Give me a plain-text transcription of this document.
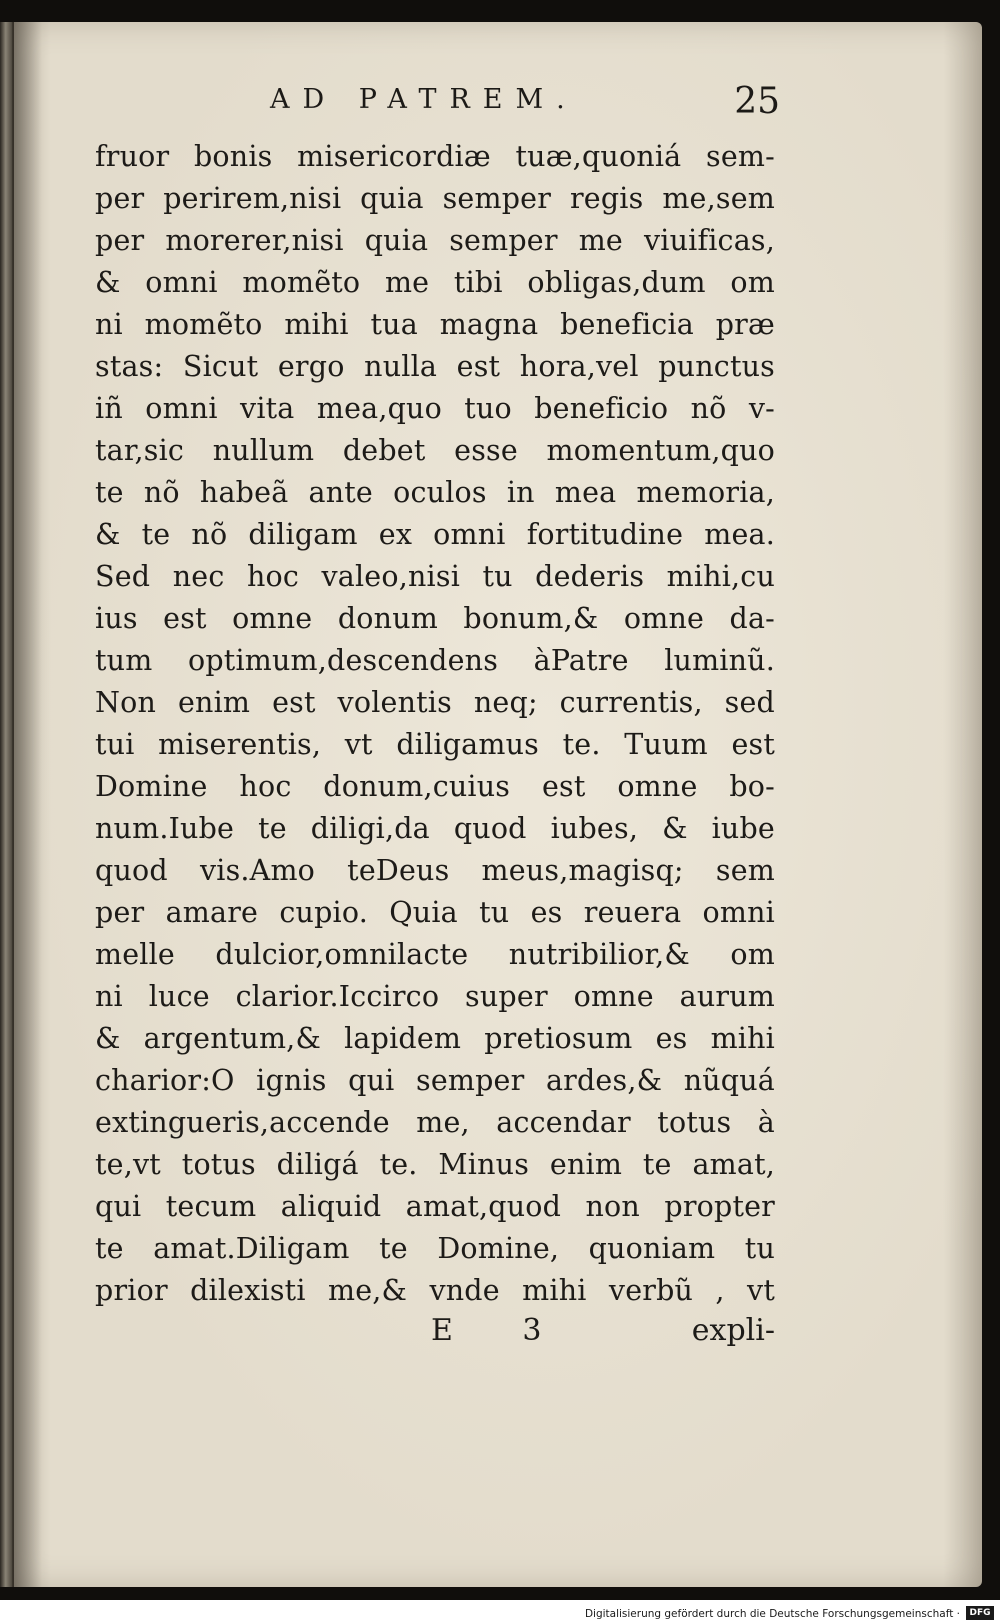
AD PATREM.	25
fruor bonis misericordiæ tuæ,quoniá sem-
per perirem,nisi quia semper regis me,sem
per morerer,nisi quia semper me viuificas,
& omni momẽto me tibi obligas,dum om
ni momẽto mihi tua magna beneficia præ
stas: Sicut ergo nulla est hora,vel punctus
iñ omni vita mea,quo tuo beneficio nõ v-
tar,sic nullum debet esse momentum,quo
te nõ habeã ante oculos in mea memoria,
& te nõ diligam ex omni fortitudine mea.
Sed nec hoc valeo,nisi tu dederis mihi,cu
ius est omne donum bonum,& omne da-
tum optimum,descendens àPatre luminũ.
Non enim est volentis neq; currentis, sed
tui miserentis, vt diligamus te. Tuum est
Domine hoc donum,cuius est omne bo-
num.Iube te diligi,da quod iubes, & iube
quod vis.Amo teDeus meus,magisq; sem
per amare cupio. Quia tu es reuera omni
melle dulcior,omnilacte nutribilior,& om
ni luce clarior.Iccirco super omne aurum
& argentum,& lapidem pretiosum es mihi
charior:O ignis qui semper ardes,& nũquá
extingueris,accende me, accendar totus à
te,vt totus diligá te. Minus enim te amat,
qui tecum aliquid amat,quod non propter
te amat.Diligam te Domine, quoniam tu
prior dilexisti me,& vnde mihi verbũ , vt
E 3	expli-
Digitalisierung gefördert durch die Deutsche Forschungsgemeinschaft ·	DFG
